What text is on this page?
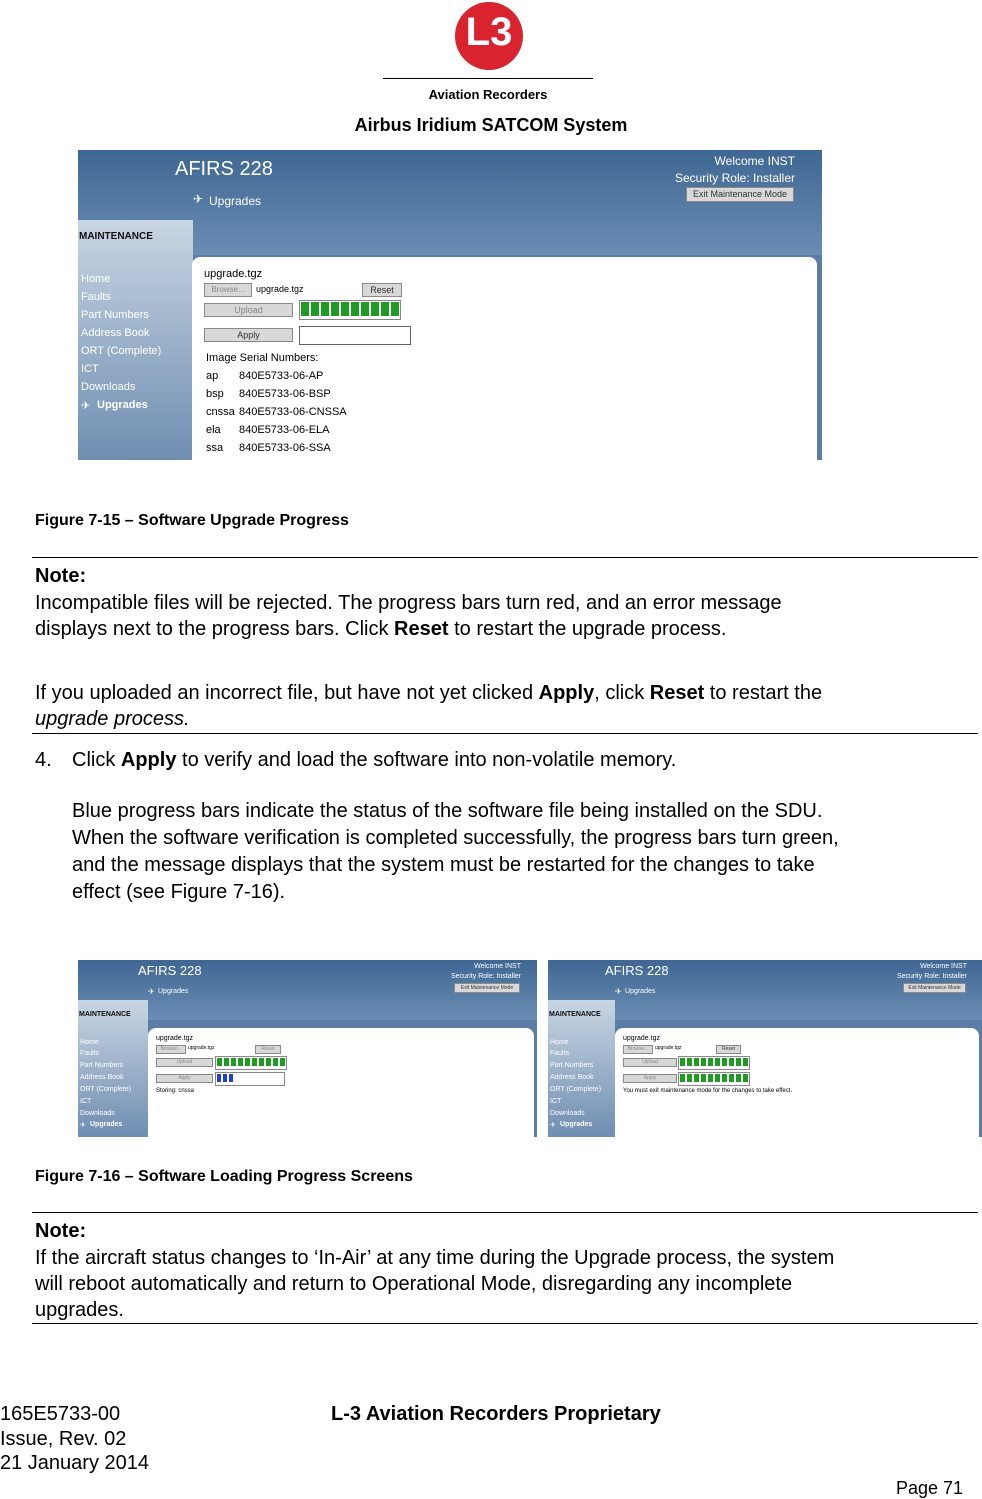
L3
Aviation Recorders
Airbus Iridium SATCOM System
AFIRS 228
✈ Upgrades
Welcome INST
Security Role: Installer
Exit Maintenance Mode
MAINTENANCE
Home
Faults
Part Numbers
Address Book
ORT (Complete)
ICT
Downloads
✈ Upgrades
upgrade.tgz
Browse...	upgrade.tgz	Reset
Upload
Apply
Image Serial Numbers:
ap 840E5733-06-AP
bsp 840E5733-06-BSP
cnssa 840E5733-06-CNSSA
ela 840E5733-06-ELA
ssa 840E5733-06-SSA
Figure 7-15 – Software Upgrade Progress
Note:
Incompatible files will be rejected. The progress bars turn red, and an error message
displays next to the progress bars. Click Reset to restart the upgrade process.
If you uploaded an incorrect file, but have not yet clicked Apply, click Reset to restart the
upgrade process.
4. Click Apply to verify and load the software into non-volatile memory.
Blue progress bars indicate the status of the software file being installed on the SDU.
When the software verification is completed successfully, the progress bars turn green,
and the message displays that the system must be restarted for the changes to take
effect (see Figure 7-16).
AFIRS 228
✈ Upgrades
Welcome INST
Security Role: Installer
Exit Maintenance Mode
MAINTENANCE
Home
Faults
Part Numbers
Address Book
ORT (Complete)
ICT
Downloads
✈ Upgrades
upgrade.tgz
Browse...	upgrade.tgz	Reset
Upload
Apply
Storing: cnssa
AFIRS 228
✈ Upgrades
Welcome INST
Security Role: Installer
Exit Maintenance Mode
MAINTENANCE
Home
Faults
Part Numbers
Address Book
ORT (Complete)
ICT
Downloads
✈ Upgrades
upgrade.tgz
Browse...	upgrade.tgz	Reset
Upload
Apply
You must exit maintenance mode for the changes to take effect.
Figure 7-16 – Software Loading Progress Screens
Note:
If the aircraft status changes to ‘In-Air’ at any time during the Upgrade process, the system
will reboot automatically and return to Operational Mode, disregarding any incomplete
upgrades.
165E5733-00	L-3 Aviation Recorders Proprietary
Issue, Rev. 02
21 January 2014
Page 71
